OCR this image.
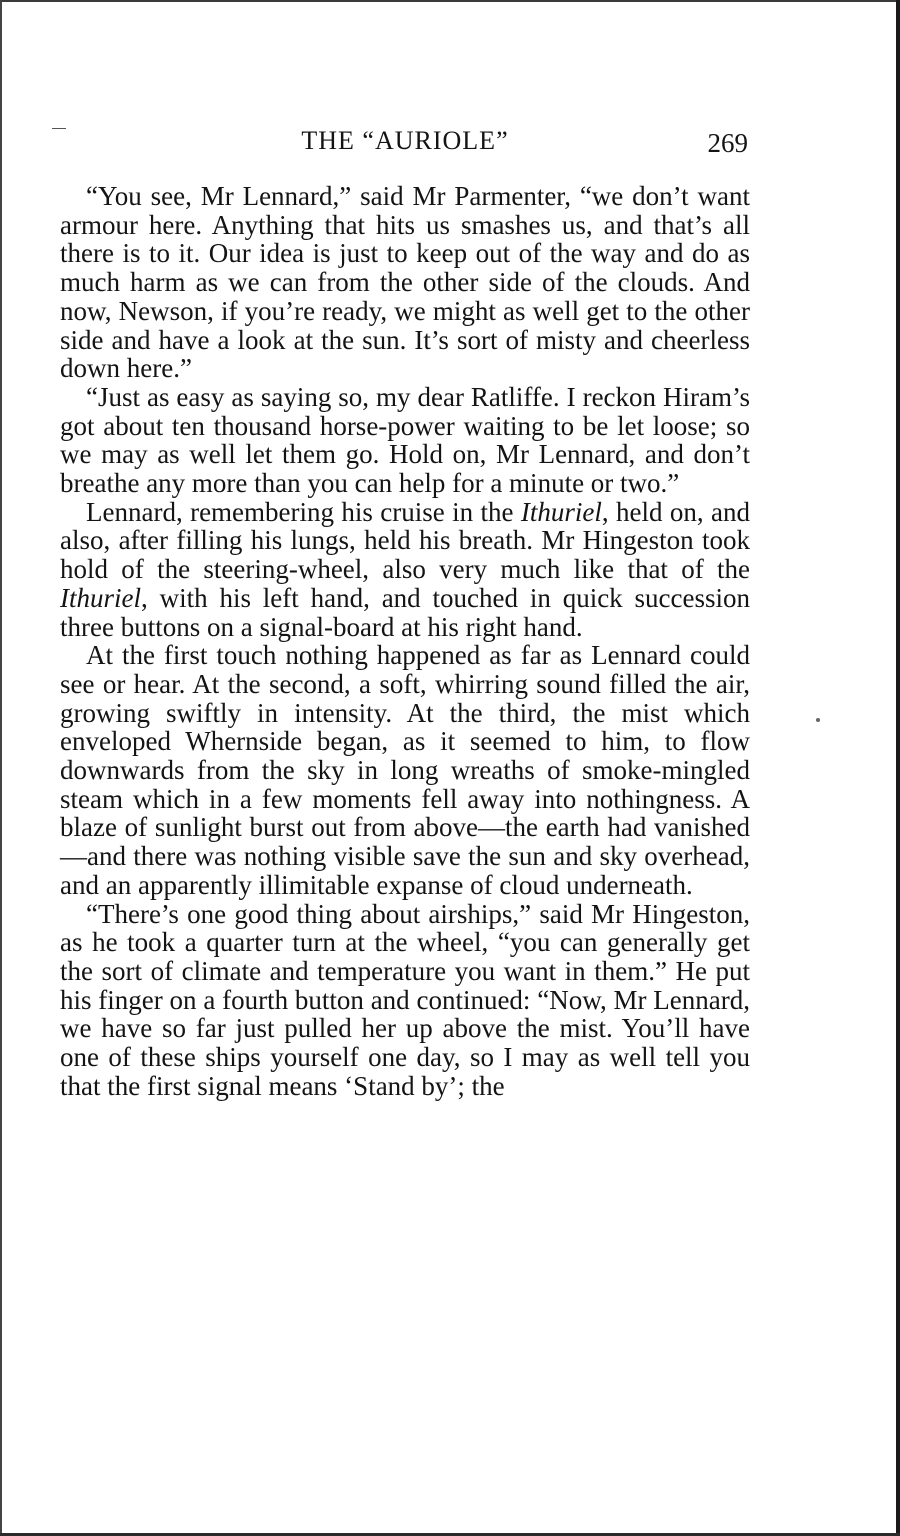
THE “AURIOLE”	269

“You see, Mr Lennard,” said Mr Parmenter, “we don’t want armour here. Anything that hits us smashes us, and that’s all there is to it. Our idea is just to keep out of the way and do as much harm as we can from the other side of the clouds. And now, Newson, if you’re ready, we might as well get to the other side and have a look at the sun. It’s sort of misty and cheerless down here.”

“Just as easy as saying so, my dear Ratliffe. I reckon Hiram’s got about ten thousand horse-power waiting to be let loose; so we may as well let them go. Hold on, Mr Lennard, and don’t breathe any more than you can help for a minute or two.”

Lennard, remembering his cruise in the Ithuriel, held on, and also, after filling his lungs, held his breath. Mr Hingeston took hold of the steering-wheel, also very much like that of the Ithuriel, with his left hand, and touched in quick succession three buttons on a signal-board at his right hand.

At the first touch nothing happened as far as Lennard could see or hear. At the second, a soft, whirring sound filled the air, growing swiftly in intensity. At the third, the mist which enveloped Whernside began, as it seemed to him, to flow downwards from the sky in long wreaths of smoke-mingled steam which in a few moments fell away into nothingness. A blaze of sunlight burst out from above—the earth had vanished—and there was nothing visible save the sun and sky overhead, and an apparently illimitable expanse of cloud underneath.

“There’s one good thing about airships,” said Mr Hingeston, as he took a quarter turn at the wheel, “you can generally get the sort of climate and temperature you want in them.” He put his finger on a fourth button and continued: “Now, Mr Lennard, we have so far just pulled her up above the mist. You’ll have one of these ships yourself one day, so I may as well tell you that the first signal means ‘Stand by’; the
